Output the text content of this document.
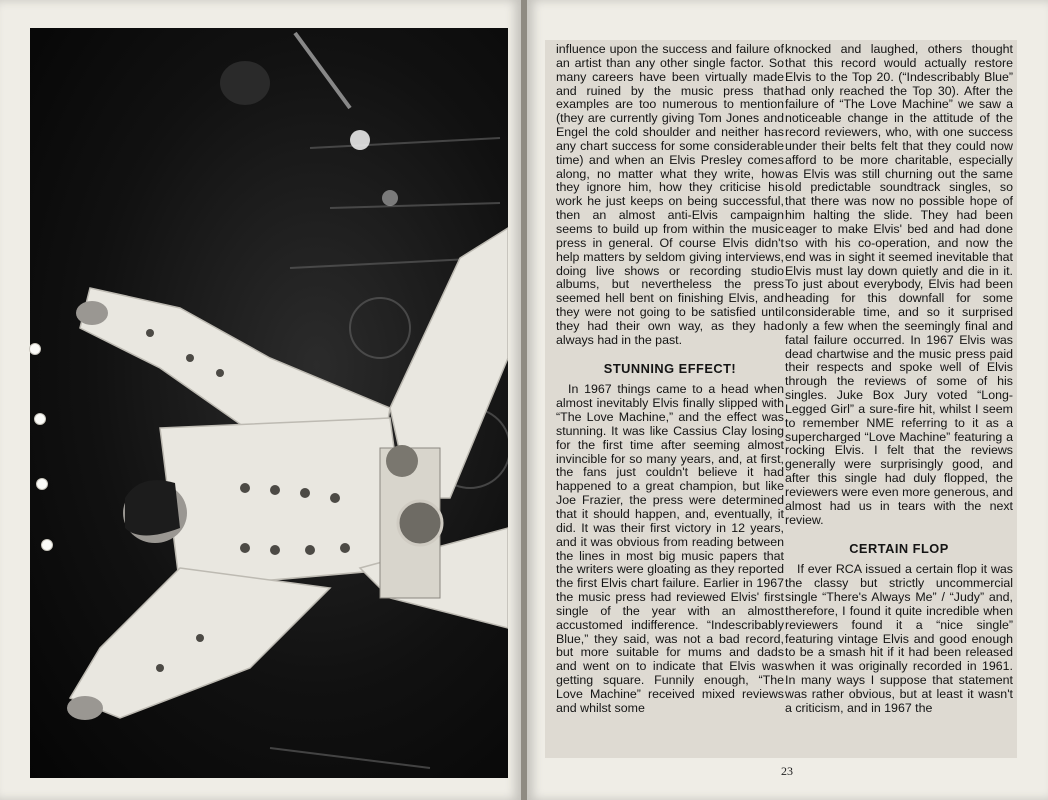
influence upon the success and failure of an artist than any other single factor. So many careers have been virtually made and ruined by the music press that examples are too numerous to mention (they are currently giving Tom Jones and Engel the cold shoulder and neither has any chart success for some considerable time) and when an Elvis Presley comes along, no matter what they write, how they ignore him, how they criticise his work he just keeps on being successful, then an almost anti-Elvis campaign seems to build up from within the music press in general. Of course Elvis didn't help matters by seldom giving interviews, doing live shows or recording studio albums, but nevertheless the press seemed hell bent on finishing Elvis, and they were not going to be satisfied until they had their own way, as they had always had in the past.

STUNNING EFFECT!

In 1967 things came to a head when almost inevitably Elvis finally slipped with “The Love Machine,” and the effect was stunning. It was like Cassius Clay losing for the first time after seeming almost invincible for so many years, and, at first, the fans just couldn't believe it had happened to a great champion, but like Joe Frazier, the press were determined that it should happen, and, eventually, it did. It was their first victory in 12 years, and it was obvious from reading between the lines in most big music papers that the writers were gloating as they reported the first Elvis chart failure. Earlier in 1967 the music press had reviewed Elvis' first single of the year with an almost accustomed indifference. “Indescribably Blue,” they said, was not a bad record, but more suitable for mums and dads and went on to indicate that Elvis was getting square. Funnily enough, “The Love Machine” received mixed reviews and whilst some

knocked and laughed, others thought that this record would actually restore Elvis to the Top 20. (“Indescribably Blue” had only reached the Top 30). After the failure of “The Love Machine” we saw a noticeable change in the attitude of the record reviewers, who, with one success under their belts felt that they could now afford to be more charitable, especially as Elvis was still churning out the same old predictable soundtrack singles, so that there was now no possible hope of him halting the slide. They had been eager to make Elvis' bed and had done so with his co-operation, and now the end was in sight it seemed inevitable that Elvis must lay down quietly and die in it. To just about everybody, Elvis had been heading for this downfall for some considerable time, and so it surprised only a few when the seemingly final and fatal failure occurred. In 1967 Elvis was dead chartwise and the music press paid their respects and spoke well of Elvis through the reviews of some of his singles. Juke Box Jury voted “Long-Legged Girl” a sure-fire hit, whilst I seem to remember NME referring to it as a supercharged “Love Machine” featuring a rocking Elvis. I felt that the reviews generally were surprisingly good, and after this single had duly flopped, the reviewers were even more generous, and almost had us in tears with the next review.

CERTAIN FLOP

If ever RCA issued a certain flop it was the classy but strictly uncommercial single “There's Always Me” / “Judy” and, therefore, I found it quite incredible when reviewers found it a “nice single” featuring vintage Elvis and good enough to be a smash hit if it had been released when it was originally recorded in 1961. In many ways I suppose that statement was rather obvious, but at least it wasn't a criticism, and in 1967 the

23
